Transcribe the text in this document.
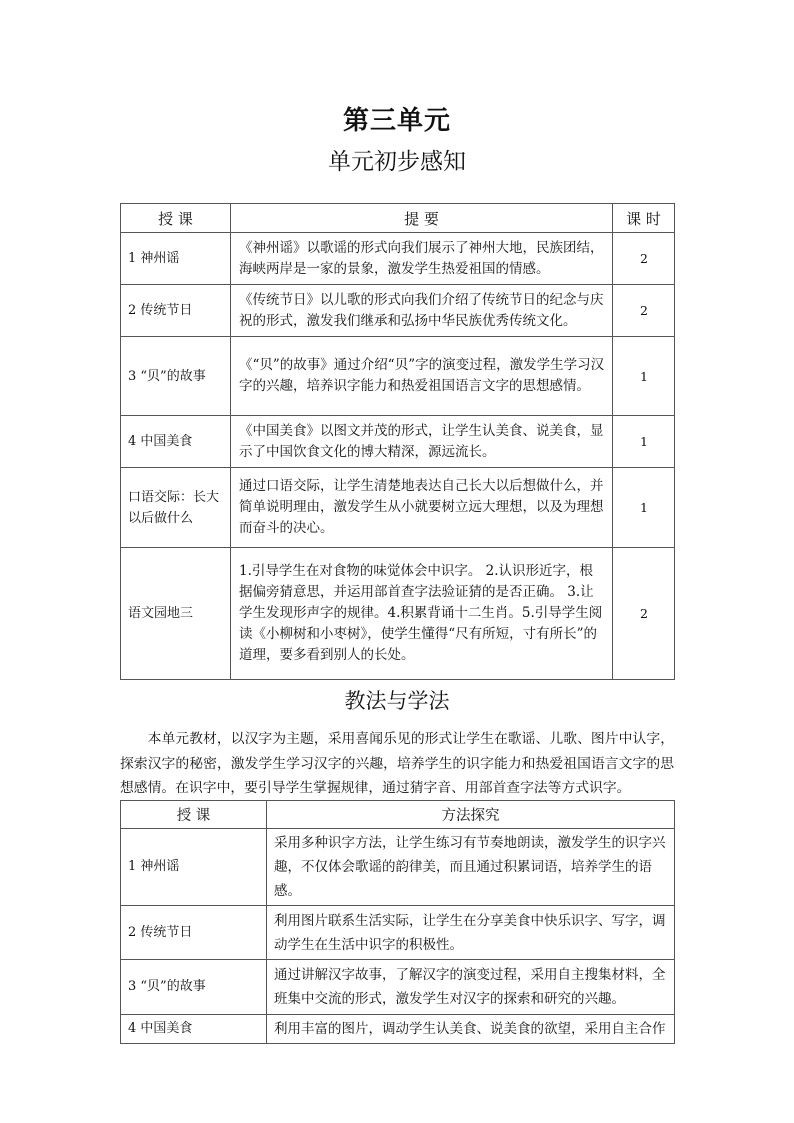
第三单元
单元初步感知
授 课	提 要	课 时
1 神州谣	《神州谣》以歌谣的形式向我们展示了神州大地，民族团结，海峡两岸是一家的景象，激发学生热爱祖国的情感。	2
2 传统节日	《传统节日》以儿歌的形式向我们介绍了传统节日的纪念与庆祝的形式，激发我们继承和弘扬中华民族优秀传统文化。	2
3 “贝”的故事	《“贝”的故事》通过介绍“贝”字的演变过程，激发学生学习汉字的兴趣，培养识字能力和热爱祖国语言文字的思想感情。	1
4 中国美食	《中国美食》以图文并茂的形式，让学生认美食、说美食，显示了中国饮食文化的博大精深，源远流长。	1
口语交际：长大以后做什么	通过口语交际，让学生清楚地表达自己长大以后想做什么，并简单说明理由，激发学生从小就要树立远大理想，以及为理想而奋斗的决心。	1
语文园地三	1.引导学生在对食物的味觉体会中识字。 2.认识形近字，根据偏旁猜意思，并运用部首查字法验证猜的是否正确。 3.让学生发现形声字的规律。4.积累背诵十二生肖。5.引导学生阅读《小柳树和小枣树》，使学生懂得“尺有所短，寸有所长”的道理，要多看到别人的长处。	2
教法与学法
本单元教材，以汉字为主题，采用喜闻乐见的形式让学生在歌谣、儿歌、图片中认字，探索汉字的秘密，激发学生学习汉字的兴趣，培养学生的识字能力和热爱祖国语言文字的思想感情。在识字中，要引导学生掌握规律，通过猜字音、用部首查字法等方式识字。
授 课	方法探究
1 神州谣	采用多种识字方法，让学生练习有节奏地朗读，激发学生的识字兴趣，不仅体会歌谣的韵律美，而且通过积累词语，培养学生的语感。
2 传统节日	利用图片联系生活实际，让学生在分享美食中快乐识字、写字，调动学生在生活中识字的积极性。
3 “贝”的故事	通过讲解汉字故事，了解汉字的演变过程，采用自主搜集材料，全班集中交流的形式，激发学生对汉字的探索和研究的兴趣。
4 中国美食	利用丰富的图片，调动学生认美食、说美食的欲望，采用自主合作
